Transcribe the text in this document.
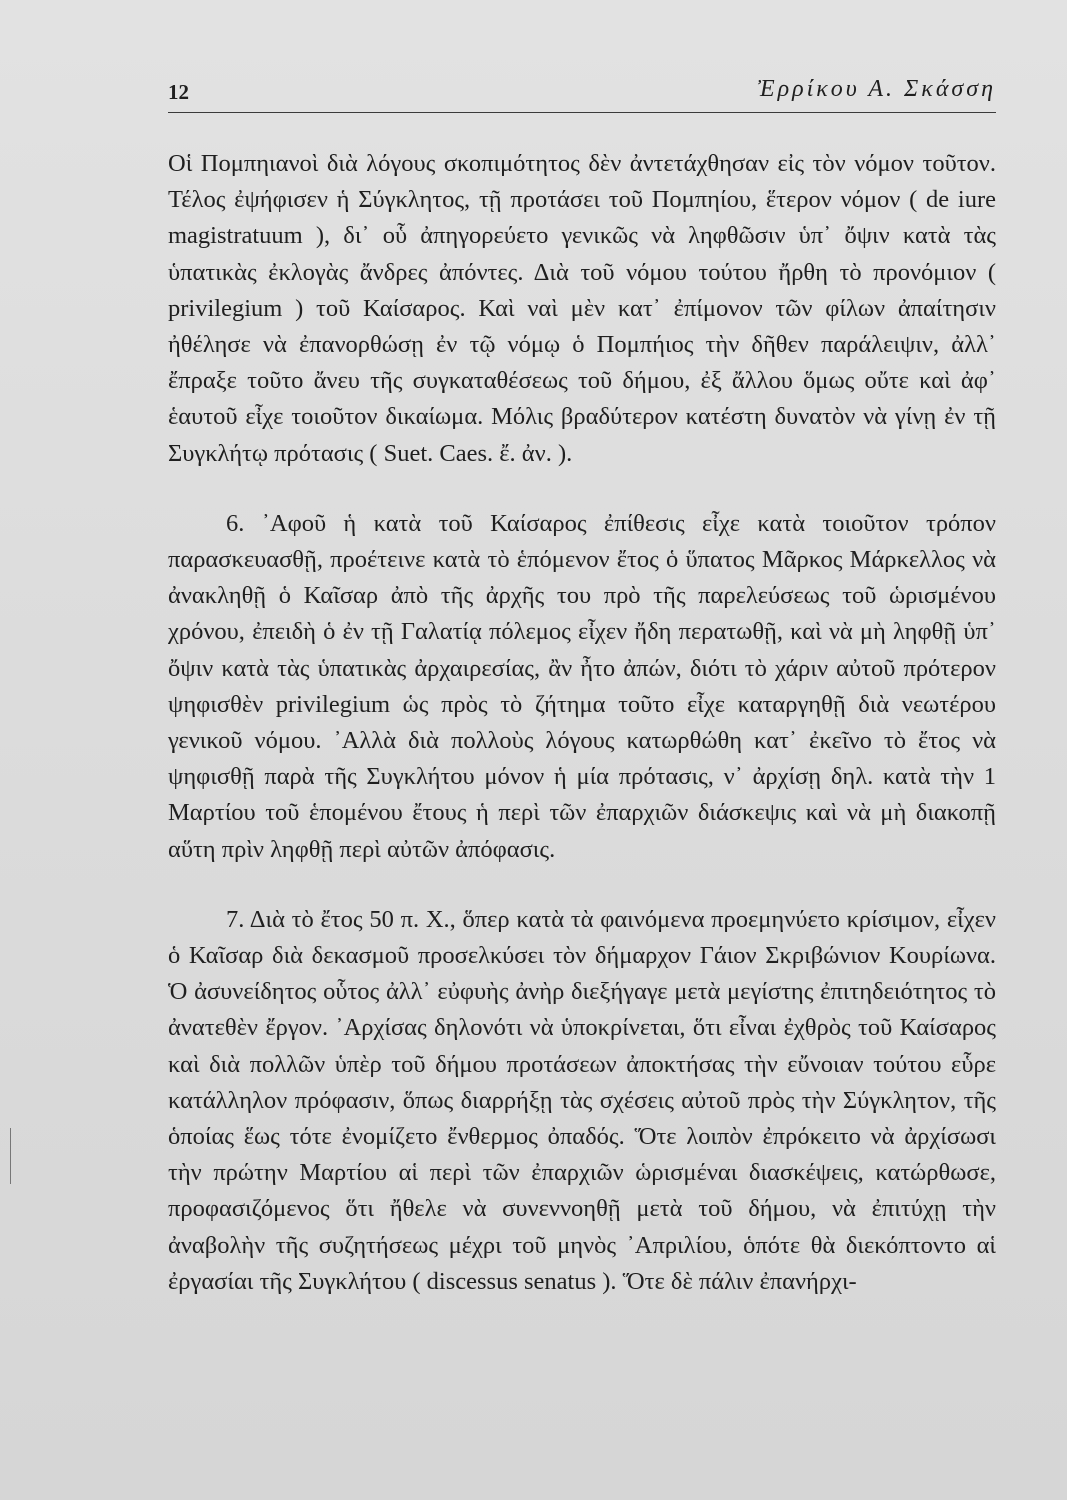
12	Ἐρρίκου Α. Σκάσση

Οἱ Πομπηιανοὶ διὰ λόγους σκοπιμότητος δὲν ἀντετάχθησαν εἰς τὸν νόμον τοῦτον. Τέλος ἐψήφισεν ἡ Σύγκλητος, τῇ προτάσει τοῦ Πομπηίου, ἕτερον νόμον ( de iure magistratuum ), δι᾿ οὗ ἀπηγορεύετο γενικῶς νὰ ληφθῶσιν ὑπ᾿ ὄψιν κατὰ τὰς ὑπατικὰς ἐκλογὰς ἄνδρες ἀπόντες. Διὰ τοῦ νόμου τούτου ἤρθη τὸ προνόμιον ( privilegium ) τοῦ Καίσαρος. Καὶ ναὶ μὲν κατ᾿ ἐπίμονον τῶν φίλων ἀπαίτησιν ἠθέλησε νὰ ἐπανορθώσῃ ἐν τῷ νόμῳ ὁ Πομπήιος τὴν δῆθεν παράλειψιν, ἀλλ᾿ ἔπραξε τοῦτο ἄνευ τῆς συγκαταθέσεως τοῦ δήμου, ἐξ ἄλλου ὅμως οὔτε καὶ ἀφ᾿ ἑαυτοῦ εἶχε τοιοῦτον δικαίωμα. Μόλις βραδύτερον κατέστη δυνατὸν νὰ γίνῃ ἐν τῇ Συγκλήτῳ πρότασις ( Suet. Caes. ἔ. ἀν. ).

6. ᾿Αφοῦ ἡ κατὰ τοῦ Καίσαρος ἐπίθεσις εἶχε κατὰ τοιοῦτον τρόπον παρασκευασθῇ, προέτεινε κατὰ τὸ ἑπόμενον ἔτος ὁ ὕπατος Μᾶρκος Μάρκελλος νὰ ἀνακληθῇ ὁ Καῖσαρ ἀπὸ τῆς ἀρχῆς του πρὸ τῆς παρελεύσεως τοῦ ὡρισμένου χρόνου, ἐπειδὴ ὁ ἐν τῇ Γαλατίᾳ πόλεμος εἶχεν ἤδη περατωθῇ, καὶ νὰ μὴ ληφθῇ ὑπ᾿ ὄψιν κατὰ τὰς ὑπατικὰς ἀρχαιρεσίας, ἂν ἦτο ἀπών, διότι τὸ χάριν αὐτοῦ πρότερον ψηφισθὲν privilegium ὡς πρὸς τὸ ζήτημα τοῦτο εἶχε καταργηθῇ διὰ νεωτέρου γενικοῦ νόμου. ᾿Αλλὰ διὰ πολλοὺς λόγους κατωρθώθη κατ᾿ ἐκεῖνο τὸ ἔτος νὰ ψηφισθῇ παρὰ τῆς Συγκλήτου μόνον ἡ μία πρότασις, ν᾿ ἀρχίσῃ δηλ. κατὰ τὴν 1 Μαρτίου τοῦ ἑπομένου ἔτους ἡ περὶ τῶν ἐπαρχιῶν διάσκεψις καὶ νὰ μὴ διακοπῇ αὕτη πρὶν ληφθῇ περὶ αὐτῶν ἀπόφασις.

7. Διὰ τὸ ἔτος 50 π. Χ., ὅπερ κατὰ τὰ φαινόμενα προεμηνύετο κρίσιμον, εἶχεν ὁ Καῖσαρ διὰ δεκασμοῦ προσελκύσει τὸν δήμαρχον Γάιον Σκριβώνιον Κουρίωνα. Ὁ ἀσυνείδητος οὗτος ἀλλ᾿ εὐφυὴς ἀνὴρ διεξήγαγε μετὰ μεγίστης ἐπιτηδειότητος τὸ ἀνατεθὲν ἔργον. ᾿Αρχίσας δηλονότι νὰ ὑποκρίνεται, ὅτι εἶναι ἐχθρὸς τοῦ Καίσαρος καὶ διὰ πολλῶν ὑπὲρ τοῦ δήμου προτάσεων ἀποκτήσας τὴν εὔνοιαν τούτου εὗρε κατάλληλον πρόφασιν, ὅπως διαρρήξῃ τὰς σχέσεις αὐτοῦ πρὸς τὴν Σύγκλητον, τῆς ὁποίας ἕως τότε ἐνομίζετο ἔνθερμος ὀπαδός. Ὅτε λοιπὸν ἐπρόκειτο νὰ ἀρχίσωσι τὴν πρώτην Μαρτίου αἱ περὶ τῶν ἐπαρχιῶν ὡρισμέναι διασκέψεις, κατώρθωσε, προφασιζόμενος ὅτι ἤθελε νὰ συνεννοηθῇ μετὰ τοῦ δήμου, νὰ ἐπιτύχῃ τὴν ἀναβολὴν τῆς συζητήσεως μέχρι τοῦ μηνὸς ᾿Απριλίου, ὁπότε θὰ διεκόπτοντο αἱ ἐργασίαι τῆς Συγκλήτου ( discessus senatus ). Ὅτε δὲ πάλιν ἐπανήρχι-
